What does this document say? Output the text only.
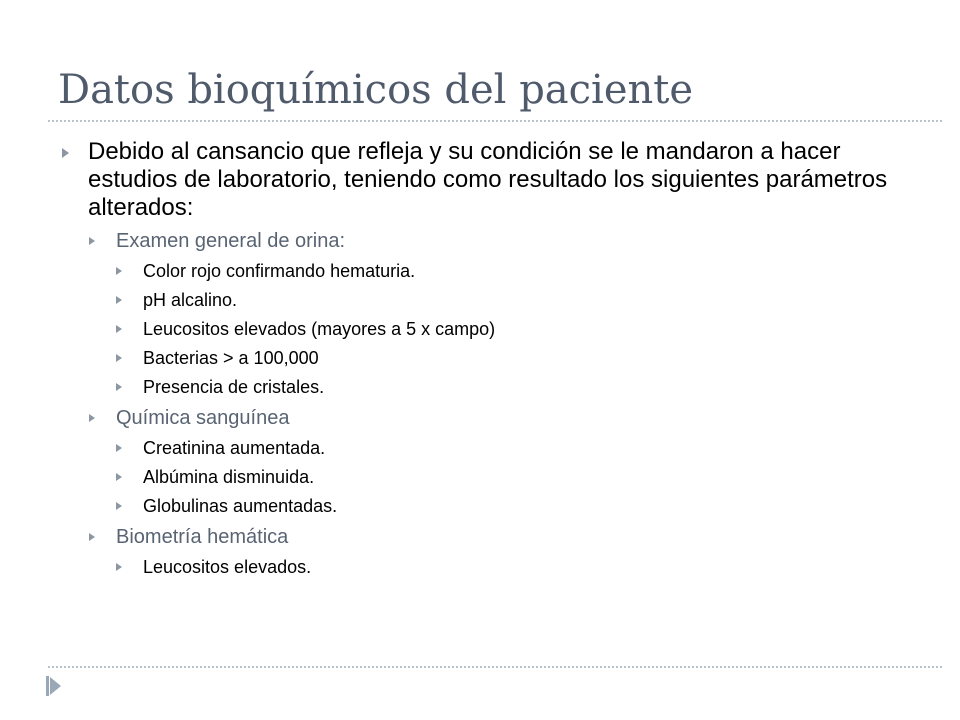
Datos bioquímicos del paciente
Debido al cansancio que refleja y su condición se le mandaron a hacer estudios de laboratorio, teniendo como resultado los siguientes parámetros alterados:
Examen general de orina:
Color rojo confirmando hematuria.
pH alcalino.
Leucositos elevados (mayores a 5 x campo)
Bacterias > a 100,000
Presencia de cristales.
Química sanguínea
Creatinina aumentada.
Albúmina disminuida.
Globulinas aumentadas.
Biometría hemática
Leucositos elevados.
